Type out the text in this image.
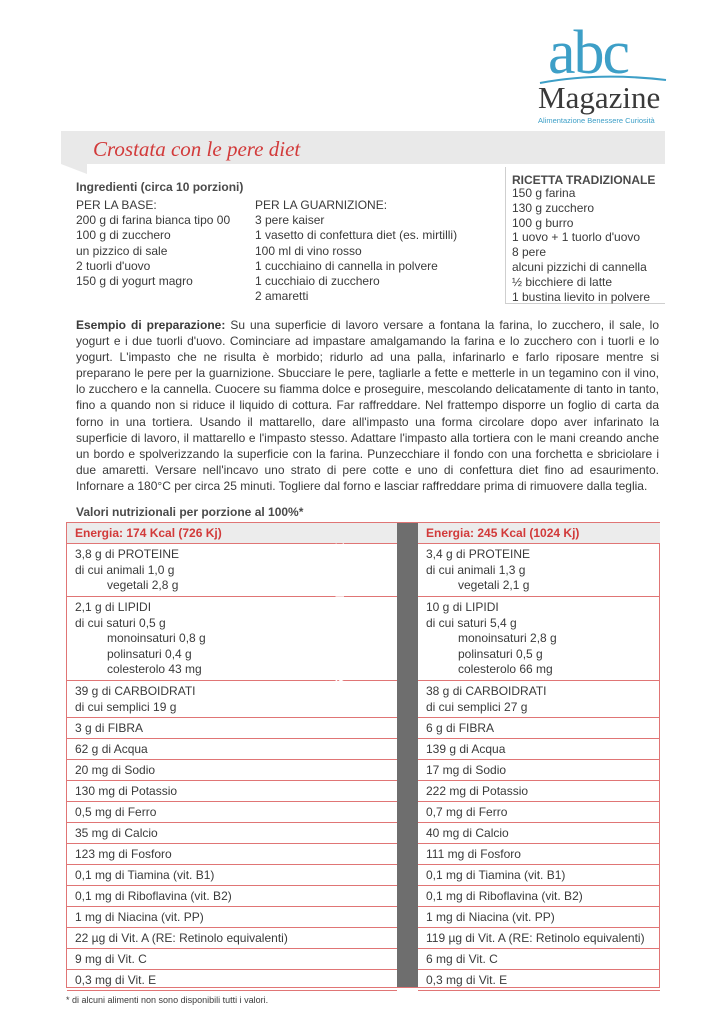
abc
Magazine
Alimentazione Benessere Curiosità
Crostata con le pere diet
Ingredienti (circa 10 porzioni)
PER LA BASE:
200 g di farina bianca tipo 00
100 g di zucchero
un pizzico di sale
2 tuorli d'uovo
150 g di yogurt magro
PER LA GUARNIZIONE:
3 pere kaiser
1 vasetto di confettura diet (es. mirtilli)
100 ml di vino rosso
1 cucchiaino di cannella in polvere
1 cucchiaio di zucchero
2 amaretti
RICETTA TRADIZIONALE
150 g farina
130 g zucchero
100 g burro
1 uovo + 1 tuorlo d'uovo
8 pere
alcuni pizzichi di cannella
½ bicchiere di latte
1 bustina lievito in polvere
Esempio di preparazione: Su una superficie di lavoro versare a fontana la farina, lo zucchero, il sale, lo yogurt e i due tuorli d'uovo. Cominciare ad impastare amalgamando la farina e lo zucchero con i tuorli e lo yogurt. L'impasto che ne risulta è morbido; ridurlo ad una palla, infarinarlo e farlo riposare mentre si preparano le pere per la guarnizione. Sbucciare le pere, tagliarle a fette e metterle in un tegamino con il vino, lo zucchero e la cannella. Cuocere su fiamma dolce e proseguire, mescolando delicatamente di tanto in tanto, fino a quando non si riduce il liquido di cottura. Far raffreddare. Nel frattempo disporre un foglio di carta da forno in una tortiera. Usando il mattarello, dare all'impasto una forma circolare dopo aver infarinato la superficie di lavoro, il mattarello e l'impasto stesso. Adattare l'impasto alla tortiera con le mani creando anche un bordo e spolverizzando la superficie con la farina. Punzecchiare il fondo con una forchetta e sbriciolare i due amaretti. Versare nell'incavo uno strato di pere cotte e uno di confettura diet fino ad esaurimento. Infornare a 180°C per circa 25 minuti. Togliere dal forno e lasciar raffreddare prima di rimuovere dalla teglia.
Valori nutrizionali per porzione al 100%*
Energia: 174 Kcal (726 Kj)
3,8 g di PROTEINE
di cui animali 1,0 g
vegetali 2,8 g
2,1 g di LIPIDI
di cui saturi 0,5 g
monoinsaturi 0,8 g
polinsaturi 0,4 g
colesterolo 43 mg
39 g di CARBOIDRATI
di cui semplici 19 g
3 g di FIBRA
62 g di Acqua
20 mg di Sodio
130 mg di Potassio
0,5 mg di Ferro
35 mg di Calcio
123 mg di Fosforo
0,1 mg di Tiamina (vit. B1)
0,1 mg di Riboflavina (vit. B2)
1 mg di Niacina (vit. PP)
22 µg di Vit. A (RE: Retinolo equivalenti)
9 mg di Vit. C
0,3 mg di Vit. E
Energia: 245 Kcal (1024 Kj)
3,4 g di PROTEINE
di cui animali 1,3 g
vegetali 2,1 g
10 g di LIPIDI
di cui saturi 5,4 g
monoinsaturi 2,8 g
polinsaturi 0,5 g
colesterolo 66 mg
38 g di CARBOIDRATI
di cui semplici 27 g
6 g di FIBRA
139 g di Acqua
17 mg di Sodio
222 mg di Potassio
0,7 mg di Ferro
40 mg di Calcio
111 mg di Fosforo
0,1 mg di Tiamina (vit. B1)
0,1 mg di Riboflavina (vit. B2)
1 mg di Niacina (vit. PP)
119 µg di Vit. A (RE: Retinolo equivalenti)
6 mg di Vit. C
0,3 mg di Vit. E
RICETTA TRADIZIONALE
* di alcuni alimenti non sono disponibili tutti i valori.
